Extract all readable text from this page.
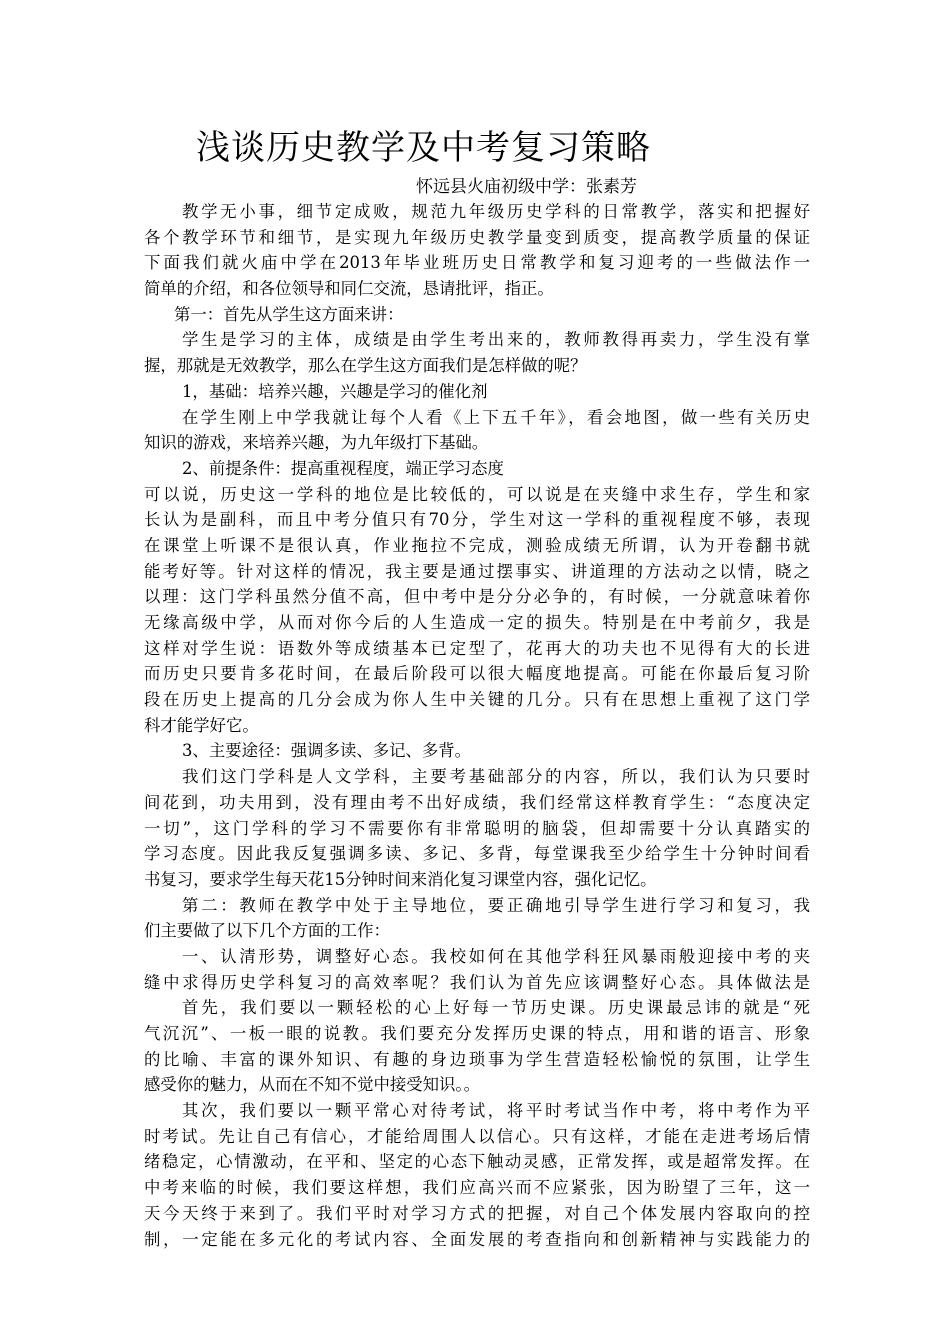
浅谈历史教学及中考复习策略
怀远县火庙初级中学：张素芳
教学无小事，细节定成败，规范九年级历史学科的日常教学，落实和把握好
各个教学环节和细节，是实现九年级历史教学量变到质变，提高教学质量的保证
下面我们就火庙中学在2013年毕业班历史日常教学和复习迎考的一些做法作一
简单的介绍，和各位领导和同仁交流，恳请批评，指正。
第一：首先从学生这方面来讲：
学生是学习的主体，成绩是由学生考出来的，教师教得再卖力，学生没有掌
握，那就是无效教学，那么在学生这方面我们是怎样做的呢？
1，基础：培养兴趣，兴趣是学习的催化剂
在学生刚上中学我就让每个人看《上下五千年》，看会地图，做一些有关历史
知识的游戏，来培养兴趣，为九年级打下基础。
2、前提条件：提高重视程度，端正学习态度
可以说，历史这一学科的地位是比较低的，可以说是在夹缝中求生存，学生和家
长认为是副科，而且中考分值只有70分，学生对这一学科的重视程度不够，表现
在课堂上听课不是很认真，作业拖拉不完成，测验成绩无所谓，认为开卷翻书就
能考好等。针对这样的情况，我主要是通过摆事实、讲道理的方法动之以情，晓之
以理：这门学科虽然分值不高，但中考中是分分必争的，有时候，一分就意味着你
无缘高级中学，从而对你今后的人生造成一定的损失。特别是在中考前夕，我是
这样对学生说：语数外等成绩基本已定型了，花再大的功夫也不见得有大的长进
而历史只要肯多花时间，在最后阶段可以很大幅度地提高。可能在你最后复习阶
段在历史上提高的几分会成为你人生中关键的几分。只有在思想上重视了这门学
科才能学好它。
3、主要途径：强调多读、多记、多背。
我们这门学科是人文学科，主要考基础部分的内容，所以，我们认为只要时
间花到，功夫用到，没有理由考不出好成绩，我们经常这样教育学生：“态度决定
一切”，这门学科的学习不需要你有非常聪明的脑袋，但却需要十分认真踏实的
学习态度。因此我反复强调多读、多记、多背，每堂课我至少给学生十分钟时间看
书复习，要求学生每天花15分钟时间来消化复习课堂内容，强化记忆。
第二：教师在教学中处于主导地位，要正确地引导学生进行学习和复习，我
们主要做了以下几个方面的工作：
一、认清形势，调整好心态。我校如何在其他学科狂风暴雨般迎接中考的夹
缝中求得历史学科复习的高效率呢？我们认为首先应该调整好心态。具体做法是
首先，我们要以一颗轻松的心上好每一节历史课。历史课最忌讳的就是“死
气沉沉”、一板一眼的说教。我们要充分发挥历史课的特点，用和谐的语言、形象
的比喻、丰富的课外知识、有趣的身边琐事为学生营造轻松愉悦的氛围，让学生
感受你的魅力，从而在不知不觉中接受知识。。
其次，我们要以一颗平常心对待考试，将平时考试当作中考，将中考作为平
时考试。先让自己有信心，才能给周围人以信心。只有这样，才能在走进考场后情
绪稳定，心情激动，在平和、坚定的心态下触动灵感，正常发挥，或是超常发挥。在
中考来临的时候，我们要这样想，我们应高兴而不应紧张，因为盼望了三年，这一
天今天终于来到了。我们平时对学习方式的把握，对自己个体发展内容取向的控
制，一定能在多元化的考试内容、全面发展的考查指向和创新精神与实践能力的
